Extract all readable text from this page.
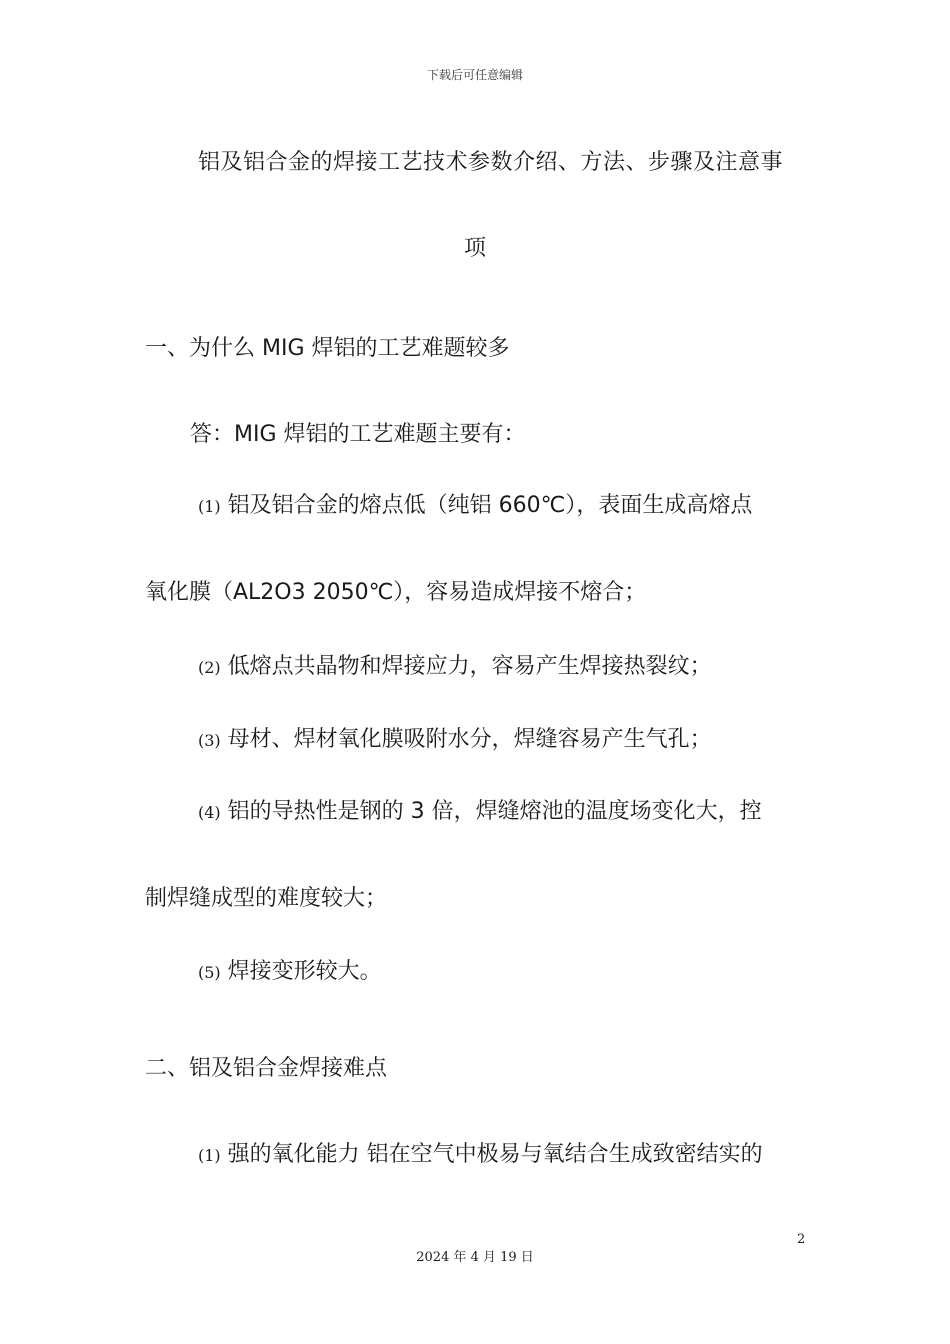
下载后可任意编辑
铝及铝合金的焊接工艺技术参数介绍、方法、步骤及注意事
项
一、为什么 MIG 焊铝的工艺难题较多
答：MIG 焊铝的工艺难题主要有：
(1) 铝及铝合金的熔点低（纯铝 660℃），表面生成高熔点
氧化膜（AL2O3 2050℃），容易造成焊接不熔合；
(2) 低熔点共晶物和焊接应力，容易产生焊接热裂纹；
(3) 母材、焊材氧化膜吸附水分，焊缝容易产生气孔；
(4) 铝的导热性是钢的 3 倍，焊缝熔池的温度场变化大，控
制焊缝成型的难度较大；
(5) 焊接变形较大。
二、铝及铝合金焊接难点
(1) 强的氧化能力 铝在空气中极易与氧结合生成致密结实的
2
2024 年 4 月 19 日
